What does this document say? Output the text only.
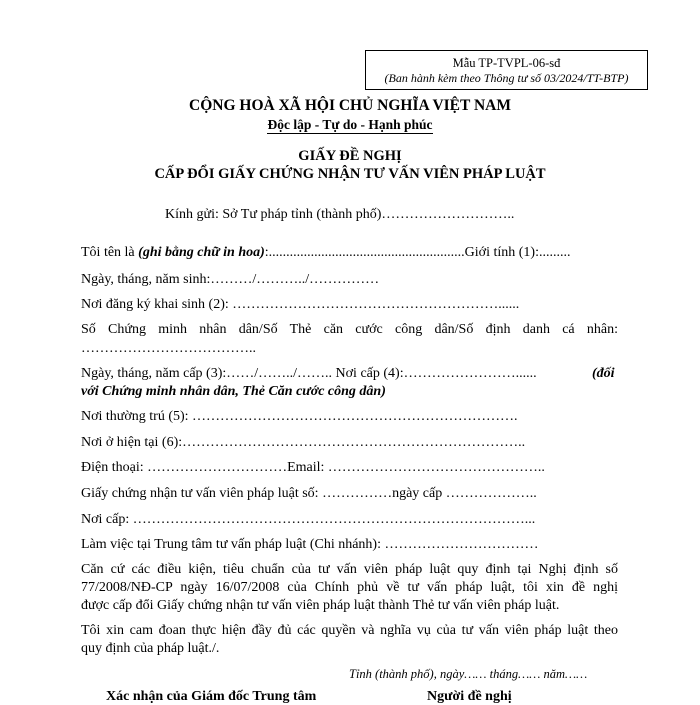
Mẫu TP-TVPL-06-sđ
(Ban hành kèm theo Thông tư số 03/2024/TT-BTP)
CỘNG HOÀ XÃ HỘI CHỦ NGHĨA VIỆT NAM
Độc lập - Tự do - Hạnh phúc
GIẤY ĐỀ NGHỊ
CẤP ĐỔI GIẤY CHỨNG NHẬN TƯ VẤN VIÊN PHÁP LUẬT
Kính gửi: Sở Tư pháp tỉnh (thành phố)………………………..
Tôi tên là (ghi bằng chữ in hoa):........................................................Giới tính (1):.........
Ngày, tháng, năm sinh:………/………../……………
Nơi đăng ký khai sinh (2): …………………………………………………......
Số Chứng minh nhân dân/Số Thẻ căn cước công dân/Số định danh cá nhân:
………………………………..
Ngày, tháng, năm cấp (3):……/……../…….. Nơi cấp (4):……………………......	(đối
với Chứng minh nhân dân, Thẻ Căn cước công dân)
Nơi thường trú (5): …………………………………………………………….
Nơi ở hiện tại (6):………………………………………………………………..
Điện thoại: …………………………Email: ………………………………………..
Giấy chứng nhận tư vấn viên pháp luật số: ……………ngày cấp ………………..
Nơi cấp: …………………………………………………………………………...
Làm việc tại Trung tâm tư vấn pháp luật (Chi nhánh): ……………………………
Căn cứ các điều kiện, tiêu chuẩn của tư vấn viên pháp luật quy định tại Nghị định số
77/2008/NĐ-CP ngày 16/07/2008 của Chính phủ về tư vấn pháp luật, tôi xin đề nghị
được cấp đổi Giấy chứng nhận tư vấn viên pháp luật thành Thẻ tư vấn viên pháp luật.
Tôi xin cam đoan thực hiện đầy đủ các quyền và nghĩa vụ của tư vấn viên pháp luật theo
quy định của pháp luật./.
Tỉnh (thành phố), ngày…… tháng…… năm……
Xác nhận của Giám đốc Trung tâm	Người đề nghị
